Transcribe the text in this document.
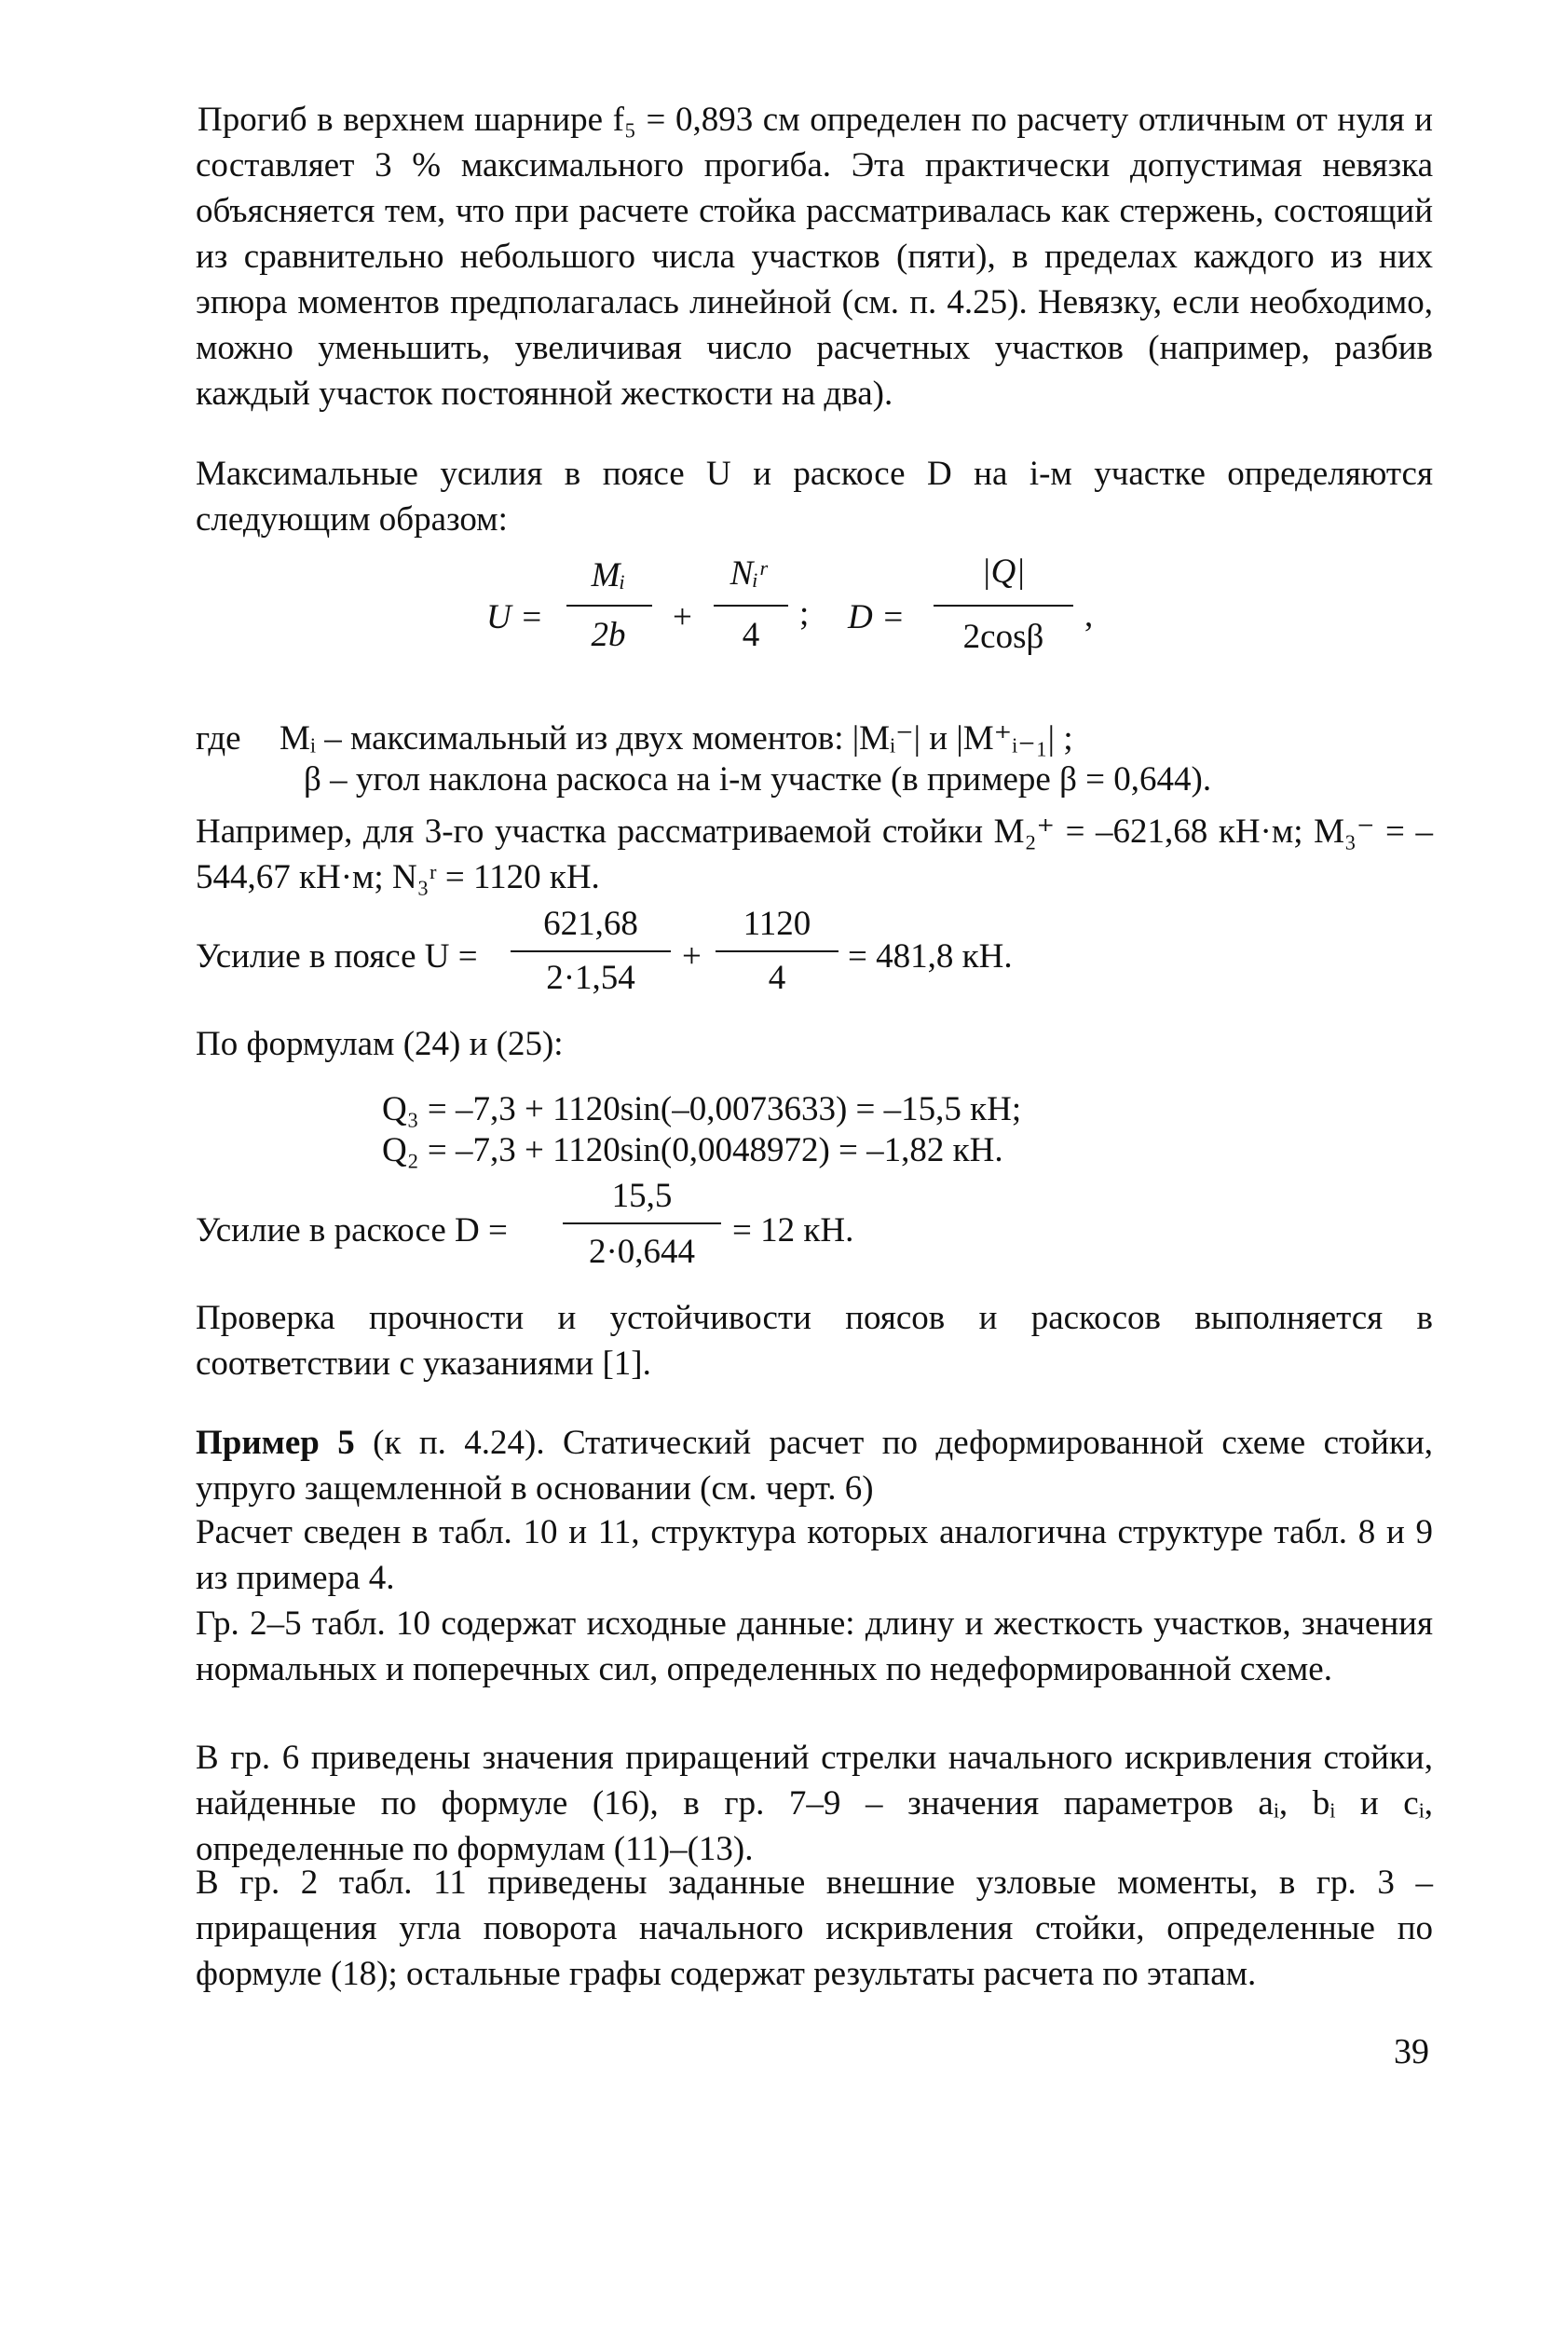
Прогиб в верхнем шарнире f₅ = 0,893 см определен по расчету отличным от нуля и составляет 3 % максимального прогиба. Эта практически допустимая невязка объясняется тем, что при расчете стойка рассматривалась как стержень, состоящий из сравнительно небольшого числа участков (пяти), в пределах каждого из них эпюра моментов предполагалась линейной (см. п. 4.25). Невязку, если необходимо, можно уменьшить, увеличивая число расчетных участков (например, разбив каждый участок постоянной жесткости на два).

Максимальные усилия в поясе U и раскосе D на i-м участке определяются следующим образом:

U =
Mᵢ
2b	+
Nᵢʳ
4
; D =
|Q|
2cosβ
,
где Mᵢ – максимальный из двух моментов: |Mᵢ⁻| и |M⁺ᵢ₋₁| ;
β – угол наклона раскоса на i-м участке (в примере β = 0,644).

Например, для 3-го участка рассматриваемой стойки M₂⁺ = –621,68 кН·м; M₃⁻ = –544,67 кН·м; N₃ʳ = 1120 кН.

Усилие в поясе U =
621,68
2·1,54
+
1120
4
= 481,8 кН.
По формулам (24) и (25):
Q₃ = –7,3 + 1120sin(–0,0073633) = –15,5 кН;
Q₂ = –7,3 + 1120sin(0,0048972) = –1,82 кН.
Усилие в раскосе D =
15,5
2·0,644
= 12 кН.

Проверка прочности и устойчивости поясов и раскосов выполняется в соответствии с указаниями [1].

Пример 5 (к п. 4.24). Статический расчет по деформированной схеме стойки, упруго защемленной в основании (см. черт. 6)

Расчет сведен в табл. 10 и 11, структура которых аналогична структуре табл. 8 и 9 из примера 4.

Гр. 2–5 табл. 10 содержат исходные данные: длину и жесткость участков, значения нормальных и поперечных сил, определенных по недеформированной схеме.

В гр. 6 приведены значения приращений стрелки начального искривления стойки, найденные по формуле (16), в гр. 7–9 – значения параметров aᵢ, bᵢ и cᵢ, определенные по формулам (11)–(13).

В гр. 2 табл. 11 приведены заданные внешние узловые моменты, в гр. 3 – приращения угла поворота начального искривления стойки, определенные по формуле (18); остальные графы содержат результаты расчета по этапам.

39
